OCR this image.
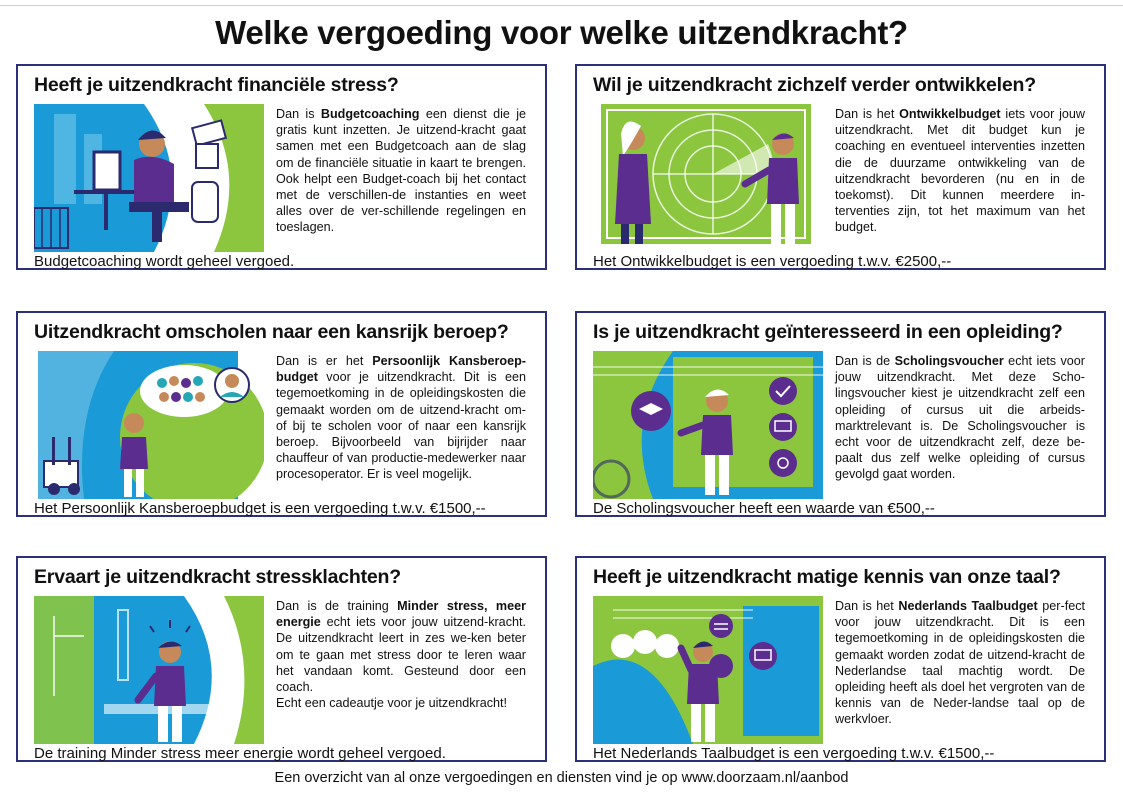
Welke vergoeding voor welke uitzendkracht?
Heeft je uitzendkracht financiële stress?
Dan is Budgetcoaching een dienst die je gratis kunt inzetten. Je uitzend-kracht gaat samen met een Budgetcoach aan de slag om de financiële situatie in kaart te brengen. Ook helpt een Budget-coach bij het contact met de verschillen-de instanties en weet alles over de ver-schillende regelingen en toeslagen.
Budgetcoaching wordt geheel vergoed.
Wil je uitzendkracht zichzelf verder ontwikkelen?
Dan is het Ontwikkelbudget iets voor jouw uitzendkracht. Met dit budget kun je coaching en eventueel interventies inzetten die de duurzame ontwikkeling van de uitzendkracht bevorderen (nu en in de toekomst). Dit kunnen meerdere in-terventies zijn, tot het maximum van het budget.
Het Ontwikkelbudget is een vergoeding t.w.v. €2500,--
Uitzendkracht omscholen naar een kansrijk beroep?
Dan is er het Persoonlijk Kansberoep-budget voor je uitzendkracht. Dit is een tegemoetkoming in de opleidingskosten die gemaakt worden om de uitzend-kracht om- of bij te scholen voor of naar een kansrijk beroep. Bijvoorbeeld van bijrijder naar chauffeur of van productie-medewerker naar procesoperator. Er is veel mogelijk.
Het Persoonlijk Kansberoepbudget is een vergoeding t.w.v. €1500,--
Is je uitzendkracht geïnteresseerd in een opleiding?
Dan is de Scholingsvoucher echt iets voor jouw uitzendkracht. Met deze Scho-lingsvoucher kiest je uitzendkracht zelf een opleiding of cursus uit die arbeids-marktrelevant is. De Scholingsvoucher is echt voor de uitzendkracht zelf, deze be-paalt dus zelf welke opleiding of cursus gevolgd gaat worden.
De Scholingsvoucher heeft een waarde van €500,--
Ervaart je uitzendkracht stressklachten?
Dan is de training Minder stress, meer energie echt iets voor jouw uitzend-kracht. De uitzendkracht leert in zes we-ken beter om te gaan met stress door te leren waar het vandaan komt. Gesteund door een coach.

Echt een cadeautje voor je uitzendkracht!
De training Minder stress meer energie wordt geheel vergoed.
Heeft je uitzendkracht matige kennis van onze taal?
Dan is het Nederlands Taalbudget per-fect voor jouw uitzendkracht. Dit is een tegemoetkoming in de opleidingskosten die gemaakt worden zodat de uitzend-kracht de Nederlandse taal machtig wordt. De opleiding heeft als doel het vergroten van de kennis van de Neder-landse taal op de werkvloer.
Het Nederlands Taalbudget is een vergoeding t.w.v. €1500,--
Een overzicht van al onze vergoedingen en diensten vind je op www.doorzaam.nl/aanbod
